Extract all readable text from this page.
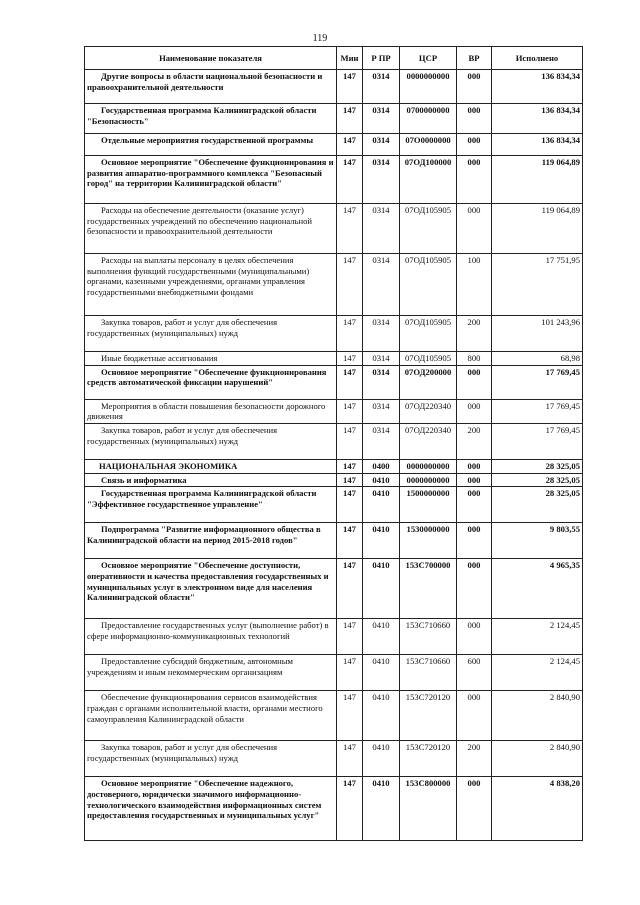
119
Наименование показателя	Мин	Р ПР	ЦСР	ВР	Исполнено
Другие вопросы в области национальной безопасности и правоохранительной деятельности	147	0314	0000000000	000	136 834,34
Государственная программа Калининградской области "Безопасность"	147	0314	0700000000	000	136 834,34
Отдельные мероприятия государственной программы	147	0314	07О0000000	000	136 834,34
Основное мероприятие "Обеспечение функционирования и развития аппаратно-программного комплекса "Безопасный город" на территории Калининградской области"	147	0314	07ОД100000	000	119 064,89
Расходы на обеспечение деятельности (оказание услуг) государственных учреждений по обеспечению национальной безопасности и правоохранительной деятельности	147	0314	07ОД105905	000	119 064,89
Расходы на выплаты персоналу в целях обеспечения выполнения функций государственными (муниципальными) органами, казенными учреждениями, органами управления государственными внебюджетными фондами	147	0314	07ОД105905	100	17 751,95
Закупка товаров, работ и услуг для обеспечения государственных (муниципальных) нужд	147	0314	07ОД105905	200	101 243,96
Иные бюджетные ассигнования	147	0314	07ОД105905	800	68,98
Основное мероприятие "Обеспечение функционирования средств автоматической фиксации нарушений"	147	0314	07ОД200000	000	17 769,45
Мероприятия в области повышения безопасности дорожного движения	147	0314	07ОД220340	000	17 769,45
Закупка товаров, работ и услуг для обеспечения государственных (муниципальных) нужд	147	0314	07ОД220340	200	17 769,45
НАЦИОНАЛЬНАЯ ЭКОНОМИКА	147	0400	0000000000	000	28 325,05
Связь и информатика	147	0410	0000000000	000	28 325,05
Государственная программа Калининградской области "Эффективное государственное управление"	147	0410	1500000000	000	28 325,05
Подпрограмма "Развитие информационного общества в Калининградской области на период 2015-2018 годов"	147	0410	1530000000	000	9 803,55
Основное мероприятие "Обеспечение доступности, оперативности и качества предоставления государственных и муниципальных услуг в электронном виде для населения Калининградской области"	147	0410	153С700000	000	4 965,35
Предоставление государственных услуг (выполнение работ) в сфере информационно-коммуникационных технологий	147	0410	153С710660	000	2 124,45
Предоставление субсидий бюджетным, автономным учреждениям и иным некоммерческим организациям	147	0410	153С710660	600	2 124,45
Обеспечение функционирования сервисов взаимодействия граждан с органами исполнительной власти, органами местного самоуправления Калининградской области	147	0410	153С720120	000	2 840,90
Закупка товаров, работ и услуг для обеспечения государственных (муниципальных) нужд	147	0410	153С720120	200	2 840,90
Основное мероприятие "Обеспечение надежного, достоверного, юридически значимого информационно-технологического взаимодействия информационных систем предоставления государственных и муниципальных услуг"	147	0410	153С800000	000	4 838,20
